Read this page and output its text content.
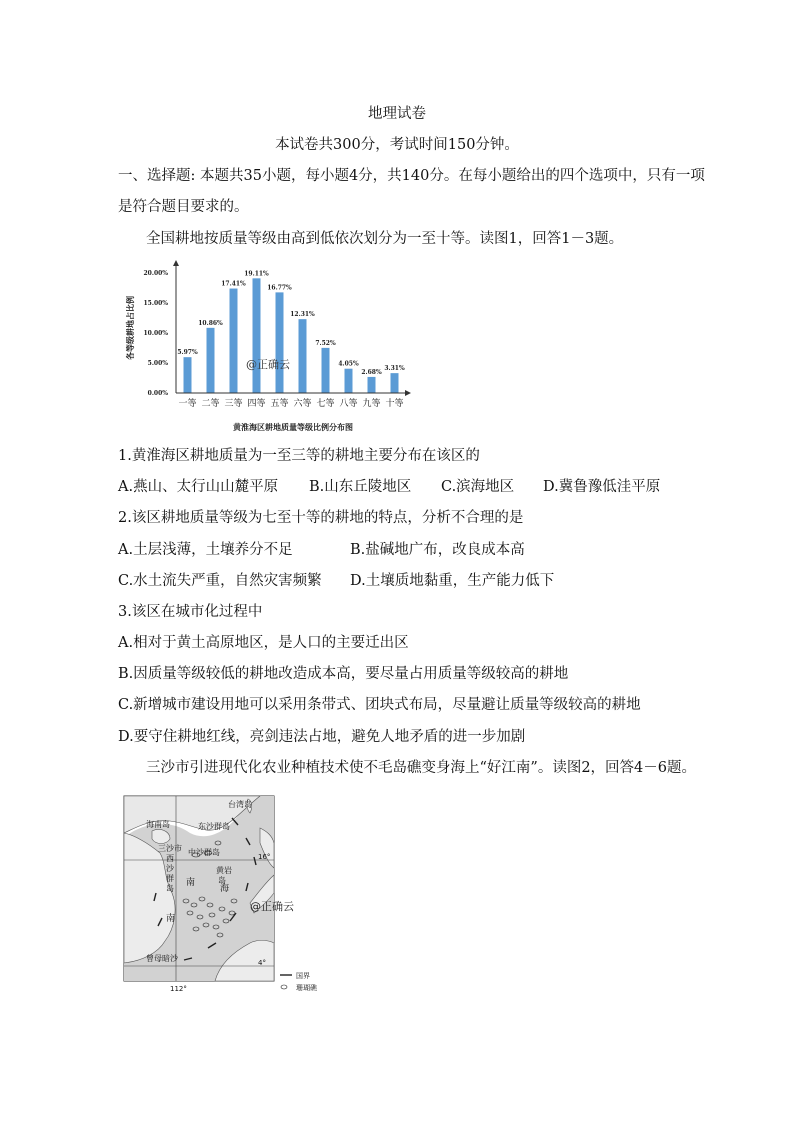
地理试卷
本试卷共300分，考试时间150分钟。
一、选择题: 本题共35小题，每小题4分，共140分。在每小题给出的四个选项中，只有一项
是符合题目要求的。
全国耕地按质量等级由高到低依次划分为一至十等。读图1，回答1－3题。
0.00%
5.00%
10.00%
15.00%
20.00%
5.97%
10.86%
17.41%
19.11%
16.77%
12.31%
7.52%
4.05%
2.68%
3.31%
一等 二等 三等 四等 五等 六等 七等 八等 九等 十等
各等级耕地占比例
黄淮海区耕地质量等级比例分布图
@正确云
1.黄淮海区耕地质量为一至三等的耕地主要分布在该区的
A.燕山、太行山山麓平原 B.山东丘陵地区 C.滨海地区 D.冀鲁豫低洼平原
2.该区耕地质量等级为七至十等的耕地的特点，分析不合理的是
A.土层浅薄，土壤养分不足	B.盐碱地广布，改良成本高
C.水土流失严重，自然灾害频繁 D.土壤质地黏重，生产能力低下
3.该区在城市化过程中
A.相对于黄土高原地区，是人口的主要迁出区
B.因质量等级较低的耕地改造成本高，要尽量占用质量等级较高的耕地
C.新增城市建设用地可以采用条带式、团块式布局，尽量避让质量等级较高的耕地
D.要守住耕地红线，亮剑违法占地，避免人地矛盾的进一步加剧
三沙市引进现代化农业种植技术使不毛岛礁变身海上“好江南”。读图2，回答4－6题。
台湾岛
东沙群岛
海南岛
三沙市 中沙群岛
西
沙
群
岛
黄岩
岛
南
海
南
曾母暗沙
16°
4°
112°
@正确云
国界
珊瑚礁
